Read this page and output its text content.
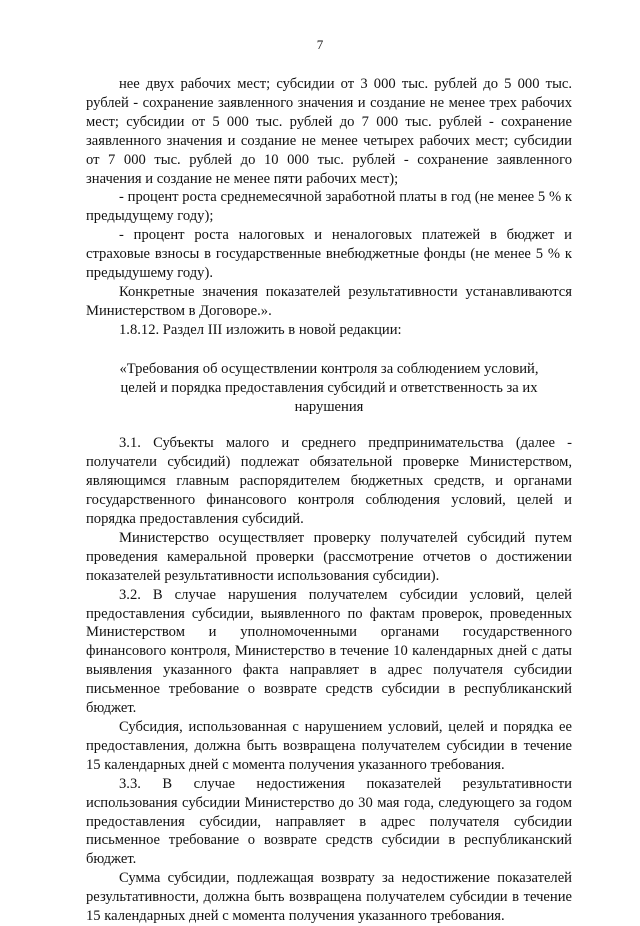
7

нее двух рабочих мест; субсидии от 3 000 тыс. рублей до 5 000 тыс. рублей - сохранение заявленного значения и создание не менее трех рабочих мест; субсидии от 5 000 тыс. рублей до 7 000 тыс. рублей - сохранение заявленного значения и создание не менее четырех рабочих мест; субсидии от 7 000 тыс. рублей до 10 000 тыс. рублей - сохранение заявленного значения и создание не менее пяти рабочих мест);

- процент роста среднемесячной заработной платы в год (не менее 5 % к предыдущему году);

- процент роста налоговых и неналоговых платежей в бюджет и страховые взносы в государственные внебюджетные фонды (не менее 5 % к предыдушему году).

Конкретные значения показателей результативности устанавливаются Министерством в Договоре.».

1.8.12. Раздел III изложить в новой редакции:

«Требования об осуществлении контроля за соблюдением условий, целей и порядка предоставления субсидий и ответственность за их нарушения

3.1. Субъекты малого и среднего предпринимательства (далее - получатели субсидий) подлежат обязательной проверке Министерством, являющимся главным распорядителем бюджетных средств, и органами государственного финансового контроля соблюдения условий, целей и порядка предоставления субсидий.

Министерство осуществляет проверку получателей субсидий путем проведения камеральной проверки (рассмотрение отчетов о достижении показателей результативности использования субсидии).

3.2. В случае нарушения получателем субсидии условий, целей предоставления субсидии, выявленного по фактам проверок, проведенных Министерством и уполномоченными органами государственного финансового контроля, Министерство в течение 10 календарных дней с даты выявления указанного факта направляет в адрес получателя субсидии письменное требование о возврате средств субсидии в республиканский бюджет.

Субсидия, использованная с нарушением условий, целей и порядка ее предоставления, должна быть возвращена получателем субсидии в течение 15 календарных дней с момента получения указанного требования.

3.3. В случае недостижения показателей результативности использования субсидии Министерство до 30 мая года, следующего за годом предоставления субсидии, направляет в адрес получателя субсидии письменное требование о возврате средств субсидии в республиканский бюджет.

Сумма субсидии, подлежащая возврату за недостижение показателей результативности, должна быть возвращена получателем субсидии в течение 15 календарных дней с момента получения указанного требования.
